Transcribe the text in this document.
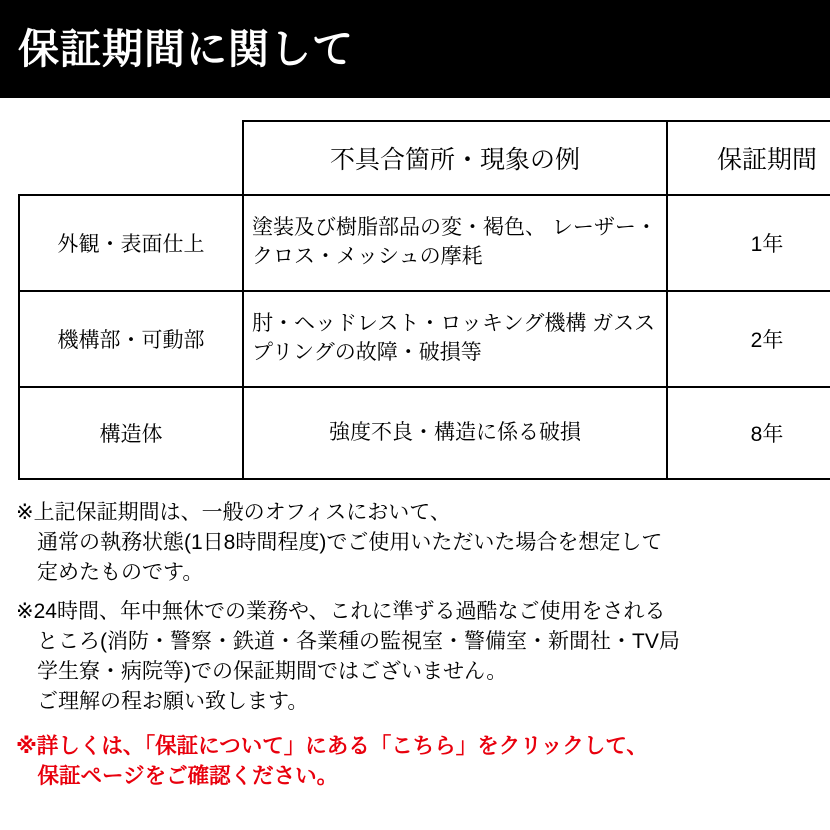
保証期間に関して
	不具合箇所・現象の例	保証期間
外観・表面仕上	塗装及び樹脂部品の変・褐色、 レーザー・クロス・メッシュの摩耗	1年
機構部・可動部	肘・ヘッドレスト・ロッキング機構 ガススプリングの故障・破損等	2年
構造体	強度不良・構造に係る破損	8年
※上記保証期間は、一般のオフィスにおいて、
　通常の執務状態(1日8時間程度)でご使用いただいた場合を想定して
　定めたものです。
※24時間、年中無休での業務や、これに準ずる過酷なご使用をされる
　ところ(消防・警察・鉄道・各業種の監視室・警備室・新聞社・TV局
　学生寮・病院等)での保証期間ではございません。
　ご理解の程お願い致します。
※詳しくは、「保証について」にある「こちら」をクリックして、
　保証ページをご確認ください。
